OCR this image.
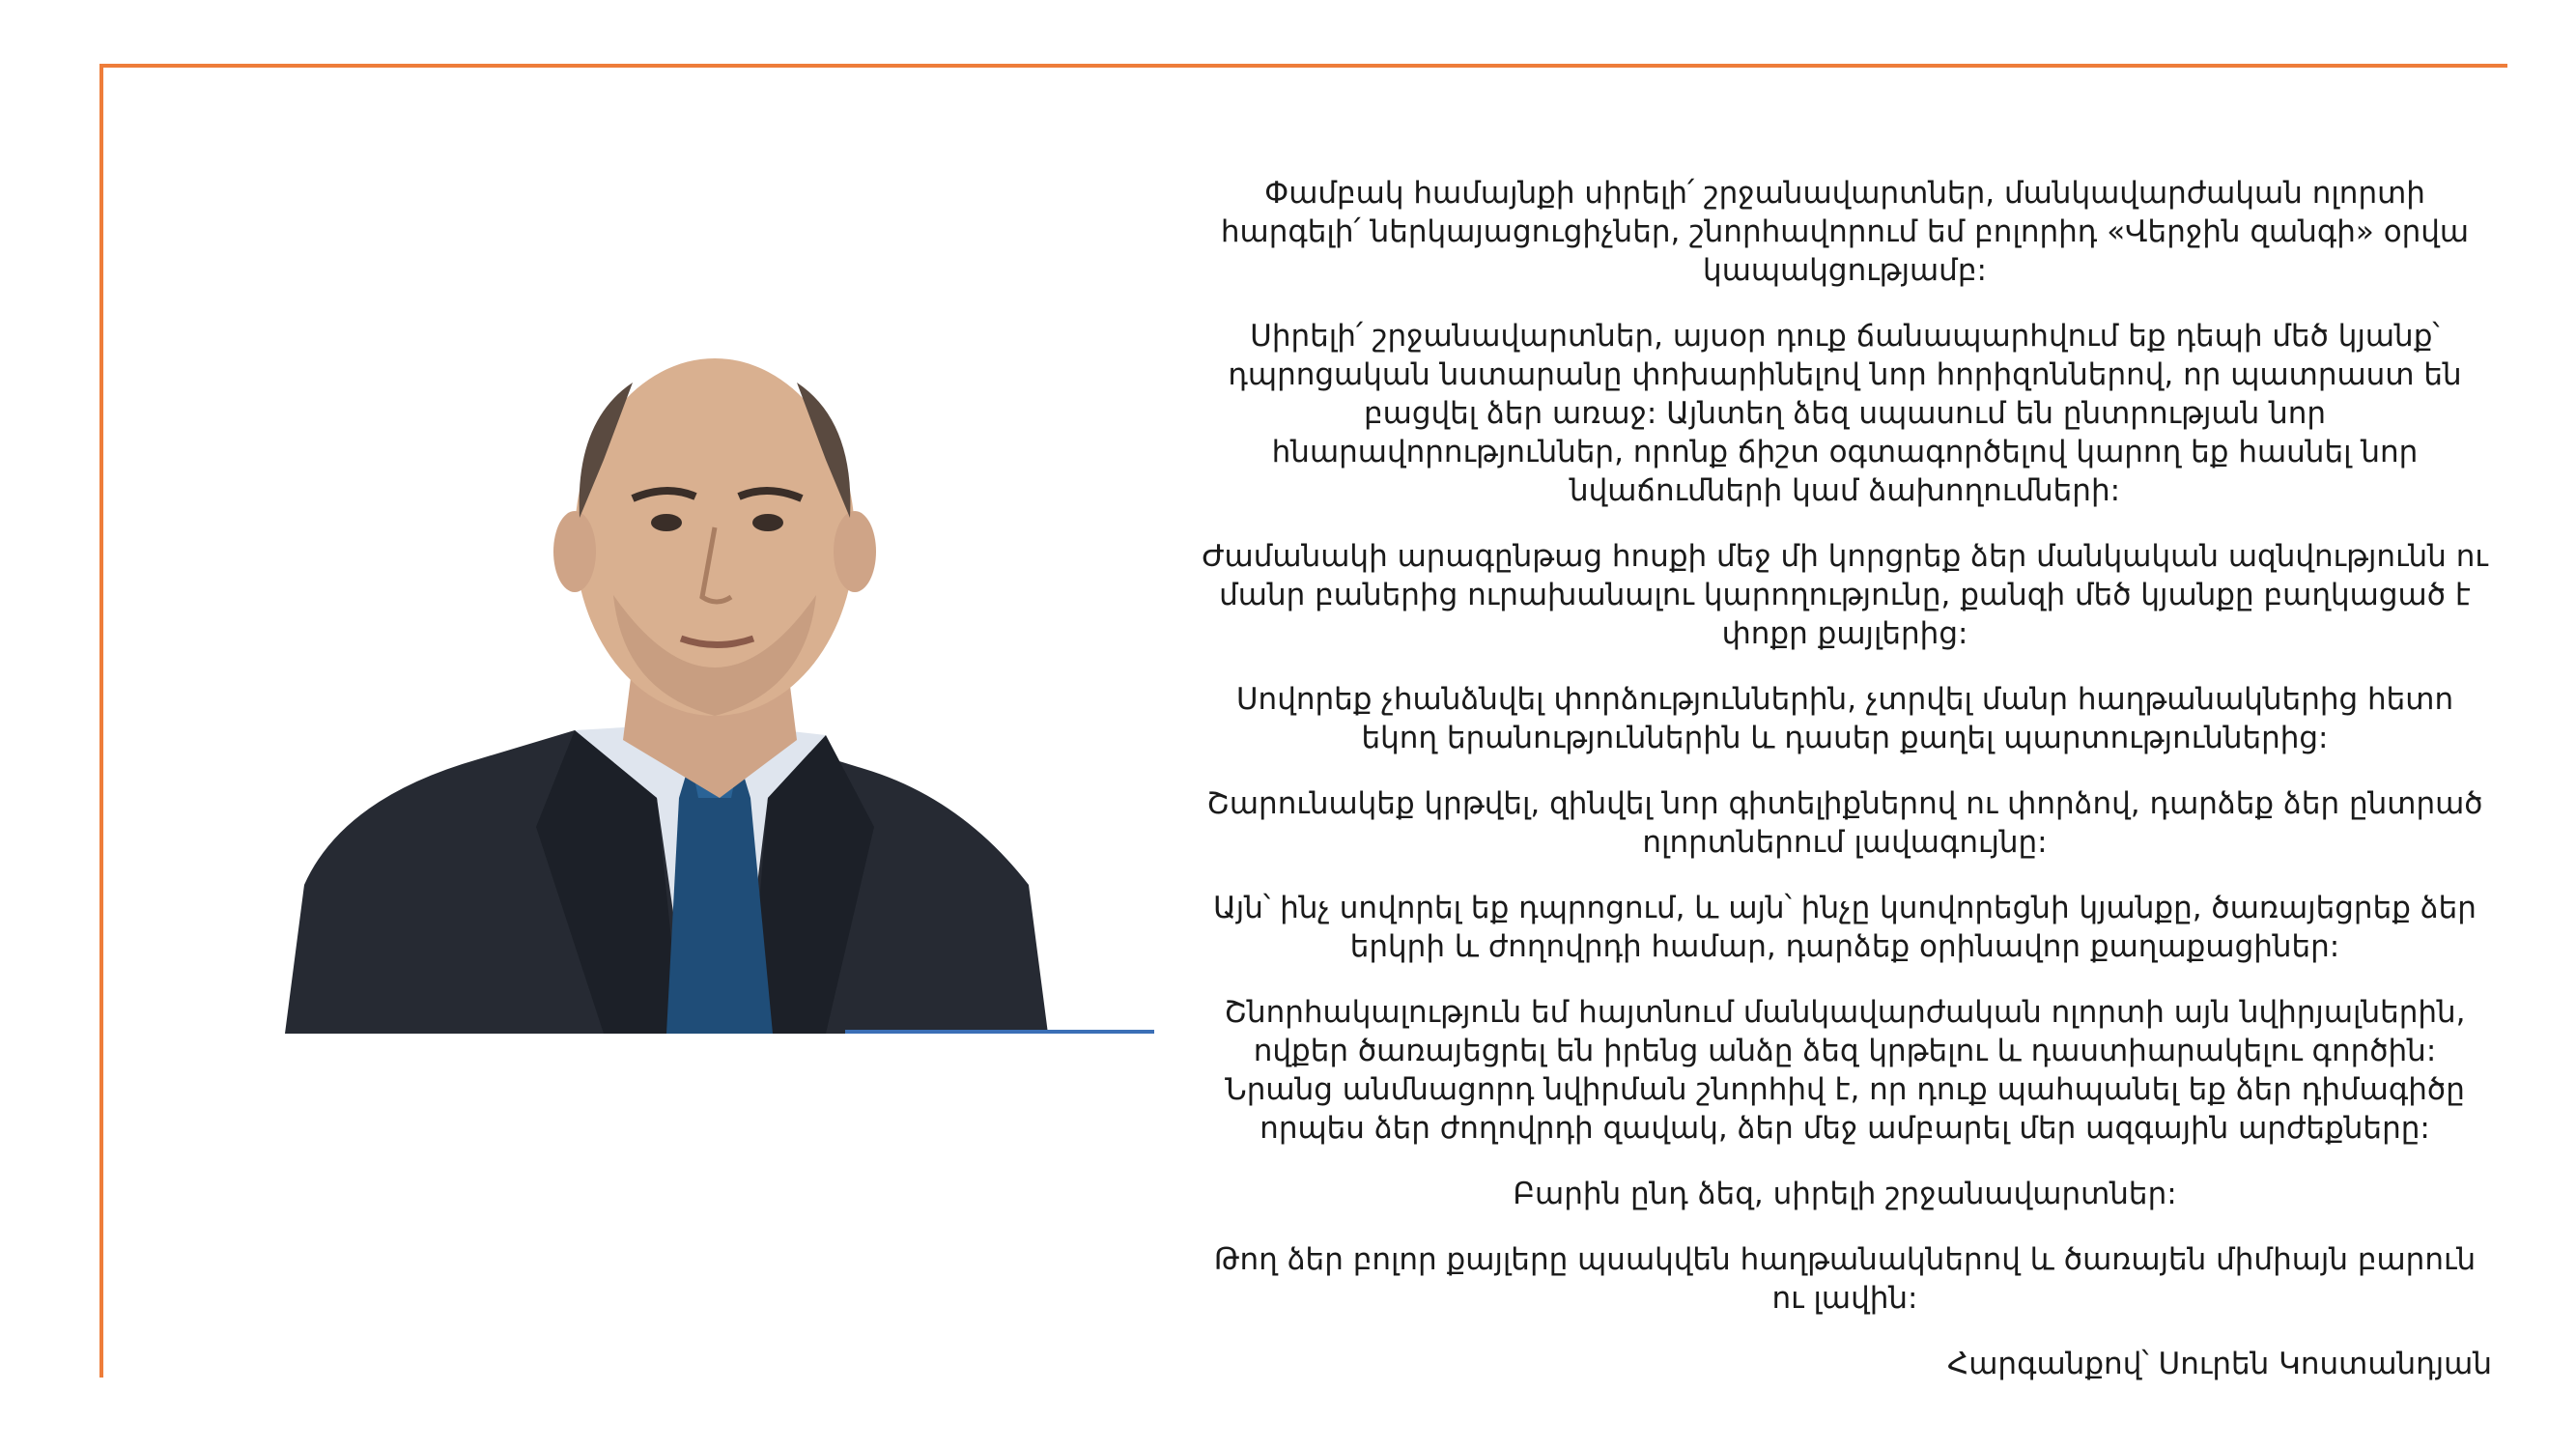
Փամբակ համայնքի սիրելի՛ շրջանավարտներ, մանկավարժական ոլորտի հարգելի՛ ներկայացուցիչներ, շնորհավորում եմ բոլորիդ «Վերջին զանգի» օրվա կապակցությամբ:

Սիրելի՛ շրջանավարտներ, այսօր դուք ճանապարհվում եք դեպի մեծ կյանք՝ դպրոցական նստարանը փոխարինելով նոր հորիզոններով, որ պատրաստ են բացվել ձեր առաջ: Այնտեղ ձեզ սպասում են ընտրության նոր հնարավորություններ, որոնք ճիշտ օգտագործելով կարող եք հասնել նոր նվաճումների կամ ձախողումների:

Ժամանակի արագընթաց հոսքի մեջ մի կորցրեք ձեր մանկական ազնվությունն ու մանր բաներից ուրախանալու կարողությունը, քանզի մեծ կյանքը բաղկացած է փոքր քայլերից:

Սովորեք չհանձնվել փորձություններին, չտրվել մանր հաղթանակներից հետո եկող երանություններին և դասեր քաղել պարտություններից:

Շարունակեք կրթվել, զինվել նոր գիտելիքներով ու փորձով, դարձեք ձեր ընտրած ոլորտներում լավագույնը:

Այն՝ ինչ սովորել եք դպրոցում, և այն՝ ինչը կսովորեցնի կյանքը, ծառայեցրեք ձեր երկրի և ժողովրդի համար, դարձեք օրինավոր քաղաքացիներ:

Շնորհակալություն եմ հայտնում մանկավարժական ոլորտի այն նվիրյալներին, ովքեր ծառայեցրել են իրենց անձը ձեզ կրթելու և դաստիարակելու գործին: Նրանց անմնացորդ նվիրման շնորհիվ է, որ դուք պահպանել եք ձեր դիմագիծը որպես ձեր ժողովրդի զավակ, ձեր մեջ ամբարել մեր ազգային արժեքները:

Բարին ընդ ձեզ, սիրելի շրջանավարտներ:

Թող ձեր բոլոր քայլերը պսակվեն հաղթանակներով և ծառայեն միմիայն բարուն ու լավին:

Հարգանքով՝ Սուրեն Կոստանդյան
